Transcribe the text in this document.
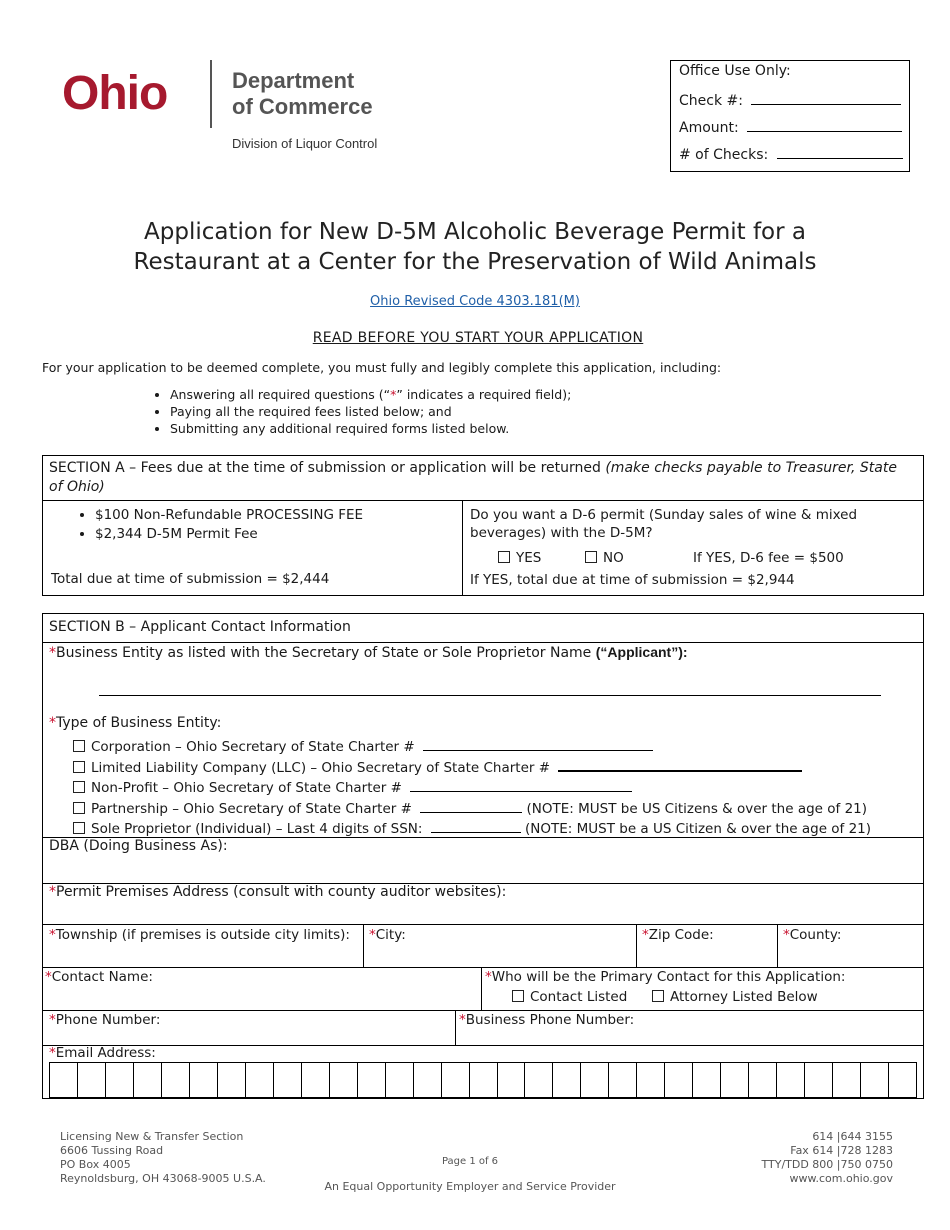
Ohio	Department
of Commerce
Division of Liquor Control
Office Use Only:
Check #:
Amount:
# of Checks:
Application for New D-5M Alcoholic Beverage Permit for a
Restaurant at a Center for the Preservation of Wild Animals
Ohio Revised Code 4303.181(M)
READ BEFORE YOU START YOUR APPLICATION
For your application to be deemed complete, you must fully and legibly complete this application, including:
• Answering all required questions (“*” indicates a required field);
• Paying all the required fees listed below; and
• Submitting any additional required forms listed below.
SECTION A – Fees due at the time of submission or application will be returned (make checks payable to Treasurer, State of Ohio)
• $100 Non-Refundable PROCESSING FEE
• $2,344 D-5M Permit Fee
Total due at time of submission = $2,444
Do you want a D-6 permit (Sunday sales of wine & mixed beverages) with the D-5M?
YES	NO	If YES, D-6 fee = $500
If YES, total due at time of submission = $2,944
SECTION B – Applicant Contact Information
*Business Entity as listed with the Secretary of State or Sole Proprietor Name (“Applicant”):
*Type of Business Entity:
Corporation – Ohio Secretary of State Charter #
Limited Liability Company (LLC) – Ohio Secretary of State Charter #
Non-Profit – Ohio Secretary of State Charter #
Partnership – Ohio Secretary of State Charter #	(NOTE: MUST be US Citizens & over the age of 21)
Sole Proprietor (Individual) – Last 4 digits of SSN:	(NOTE: MUST be a US Citizen & over the age of 21)
DBA (Doing Business As):
*Permit Premises Address (consult with county auditor websites):
*Township (if premises is outside city limits): *City:	*Zip Code:	*County:
*Contact Name:	*Who will be the Primary Contact for this Application:
Contact Listed	Attorney Listed Below
*Phone Number:	*Business Phone Number:
*Email Address:
Licensing New & Transfer Section
6606 Tussing Road
PO Box 4005
Reynoldsburg, OH 43068-9005 U.S.A.
Page 1 of 6
An Equal Opportunity Employer and Service Provider
614 |644 3155
Fax 614 |728 1283
TTY/TDD 800 |750 0750
www.com.ohio.gov
